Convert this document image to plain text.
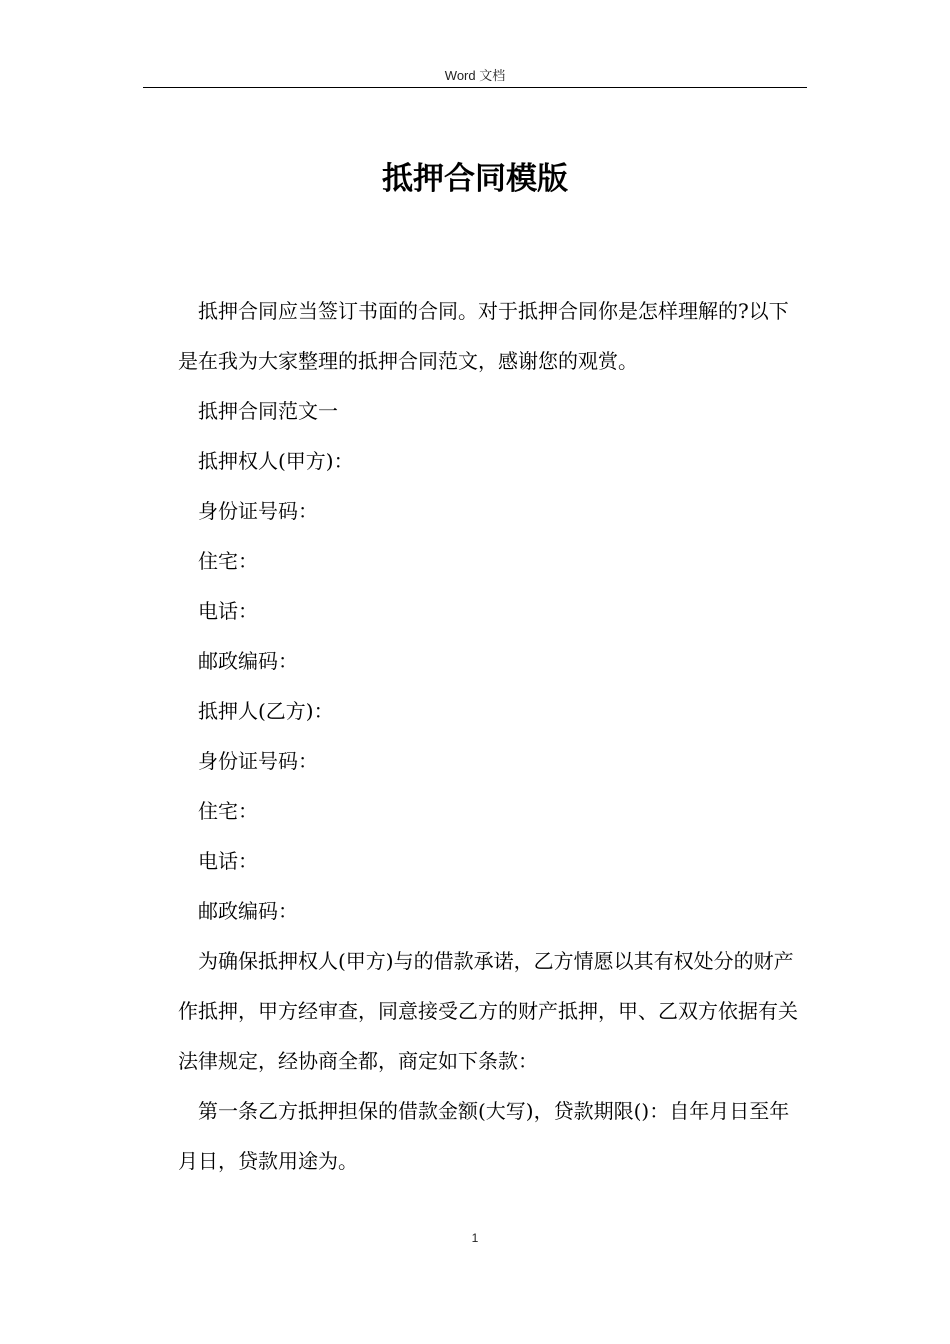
Word 文档
抵押合同模版

抵押合同应当签订书面的合同。对于抵押合同你是怎样理解的?以下是在我为大家整理的抵押合同范文，感谢您的观赏。

抵押合同范文一

抵押权人(甲方)：

身份证号码：

住宅：

电话：

邮政编码：

抵押人(乙方)：

身份证号码：

住宅：

电话：

邮政编码：

为确保抵押权人(甲方)与的借款承诺，乙方情愿以其有权处分的财产作抵押，甲方经审查，同意接受乙方的财产抵押，甲、乙双方依据有关法律规定，经协商全都，商定如下条款：

第一条乙方抵押担保的借款金额(大写)，贷款期限()：自年月日至年月日，贷款用途为。

1
